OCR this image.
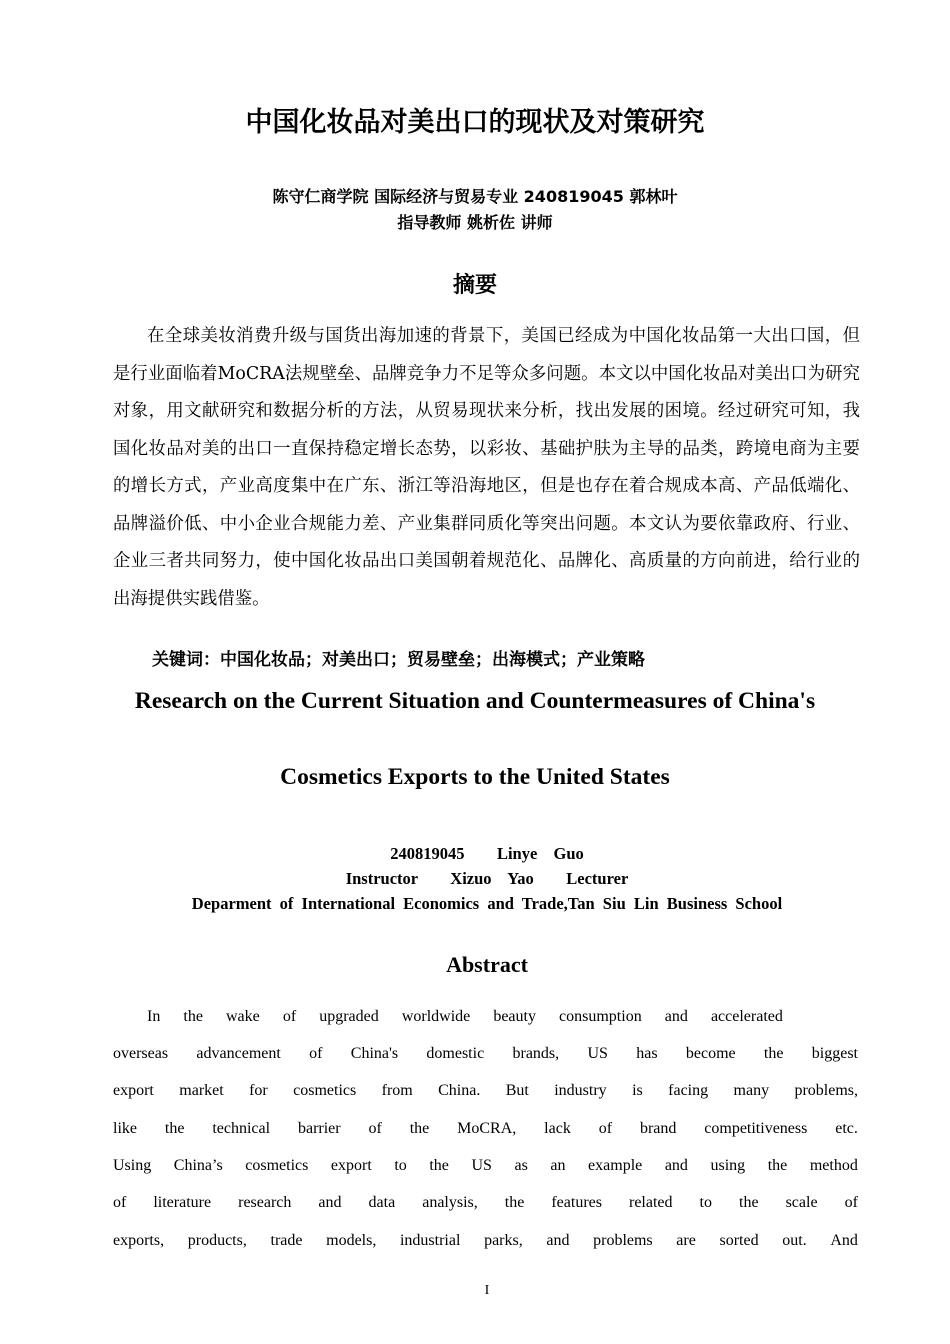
中国化妆品对美出口的现状及对策研究
陈守仁商学院 国际经济与贸易专业 240819045 郭林叶
指导教师 姚析佐 讲师
摘要

在全球美妆消费升级与国货出海加速的背景下，美国已经成为中国化妆品第一大出口国，但是行业面临着MoCRA法规壁垒、品牌竞争力不足等众多问题。本文以中国化妆品对美出口为研究对象，用文献研究和数据分析的方法，从贸易现状来分析，找出发展的困境。经过研究可知，我国化妆品对美的出口一直保持稳定增长态势，以彩妆、基础护肤为主导的品类，跨境电商为主要的增长方式，产业高度集中在广东、浙江等沿海地区，但是也存在着合规成本高、产品低端化、品牌溢价低、中小企业合规能力差、产业集群同质化等突出问题。本文认为要依靠政府、行业、企业三者共同努力，使中国化妆品出口美国朝着规范化、品牌化、高质量的方向前进，给行业的出海提供实践借鉴。

关键词：中国化妆品；对美出口；贸易壁垒；出海模式；产业策略
Research on the Current Situation and Countermeasures of China's
Cosmetics Exports to the United States
240819045    Linye  Guo
Instructor    Xizuo  Yao    Lecturer
Deparment of International Economics and Trade,Tan Siu Lin Business School
Abstract
In the wake of upgraded worldwide beauty consumption and accelerated
overseas advancement of China's domestic brands, US has become the biggest
export market for cosmetics from China. But industry is facing many problems,
like the technical barrier of the MoCRA, lack of brand competitiveness etc.
Using China’s cosmetics export to the US as an example and using the method
of literature research and data analysis, the features related to the scale of
exports, products, trade models, industrial parks, and problems are sorted out. And
I
